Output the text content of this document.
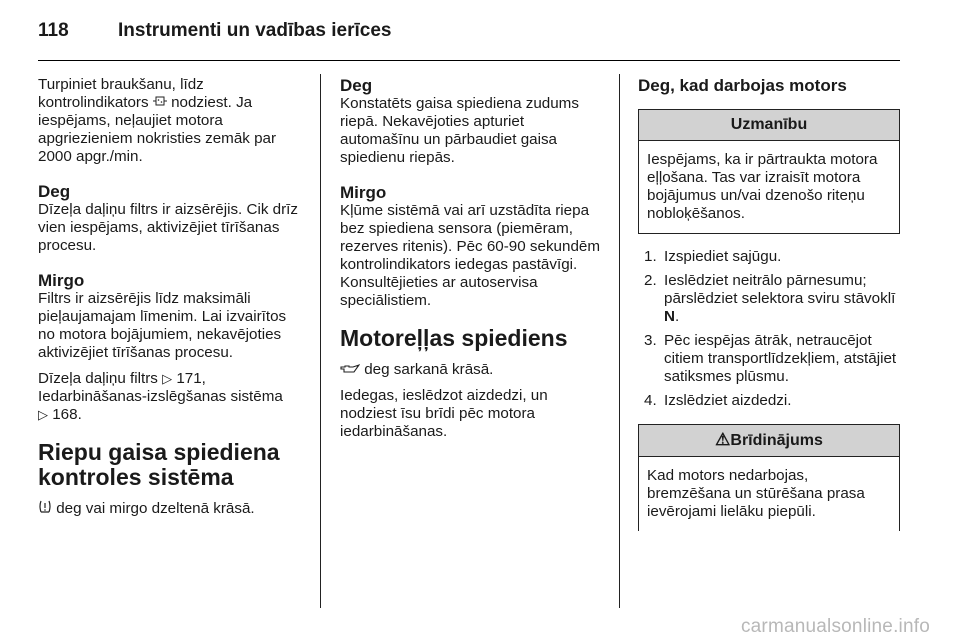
118	Instrumenti un vadības ierīces

Turpiniet braukšanu, līdz kontrolindikators nodziest. Ja iespējams, neļaujiet motora apgriezieniem nokristies zemāk par 2000 apgr./min.

Deg
Dīzeļa daļiņu filtrs ir aizsērējis. Cik drīz vien iespējams, aktivizējiet tīrīšanas procesu.
Mirgo

Filtrs ir aizsērējis līdz maksimāli pieļaujamajam līmenim. Lai izvairītos no motora bojājumiem, nekavējoties aktivizējiet tīrīšanas procesu.

Dīzeļa daļiņu filtrs ▷ 171,
Iedarbināšanas-izslēgšanas sistēma
▷ 168.

Riepu gaisa spiediena kontroles sistēma

deg vai mirgo dzeltenā krāsā.

Deg
Konstatēts gaisa spiediena zudums riepā. Nekavējoties apturiet automašīnu un pārbaudiet gaisa spiedienu riepās.
Mirgo
Kļūme sistēmā vai arī uzstādīta riepa bez spiediena sensora (piemēram, rezerves ritenis). Pēc 60-90 sekundēm kontrolindikators iedegas pastāvīgi. Konsultējieties ar autoservisa speciālistiem.
Motoreļļas spiediens

deg sarkanā krāsā.

Iedegas, ieslēdzot aizdedzi, un nodziest īsu brīdi pēc motora iedarbināšanas.

Deg, kad darbojas motors
Uzmanību
Iespējams, ka ir pārtraukta motora eļļošana. Tas var izraisīt motora bojājumus un/vai dzenošo riteņu nobloķēšanos.
1. Izspiediet sajūgu.
2. Ieslēdziet neitrālo pārnesumu; pārslēdziet selektora sviru stāvoklī N.
3. Pēc iespējas ātrāk, netraucējot citiem transportlīdzekļiem, atstājiet satiksmes plūsmu.
4. Izslēdziet aizdedzi.
⚠Brīdinājums
Kad motors nedarbojas, bremzēšana un stūrēšana prasa ievērojami lielāku piepūli.
carmanualsonline.info
